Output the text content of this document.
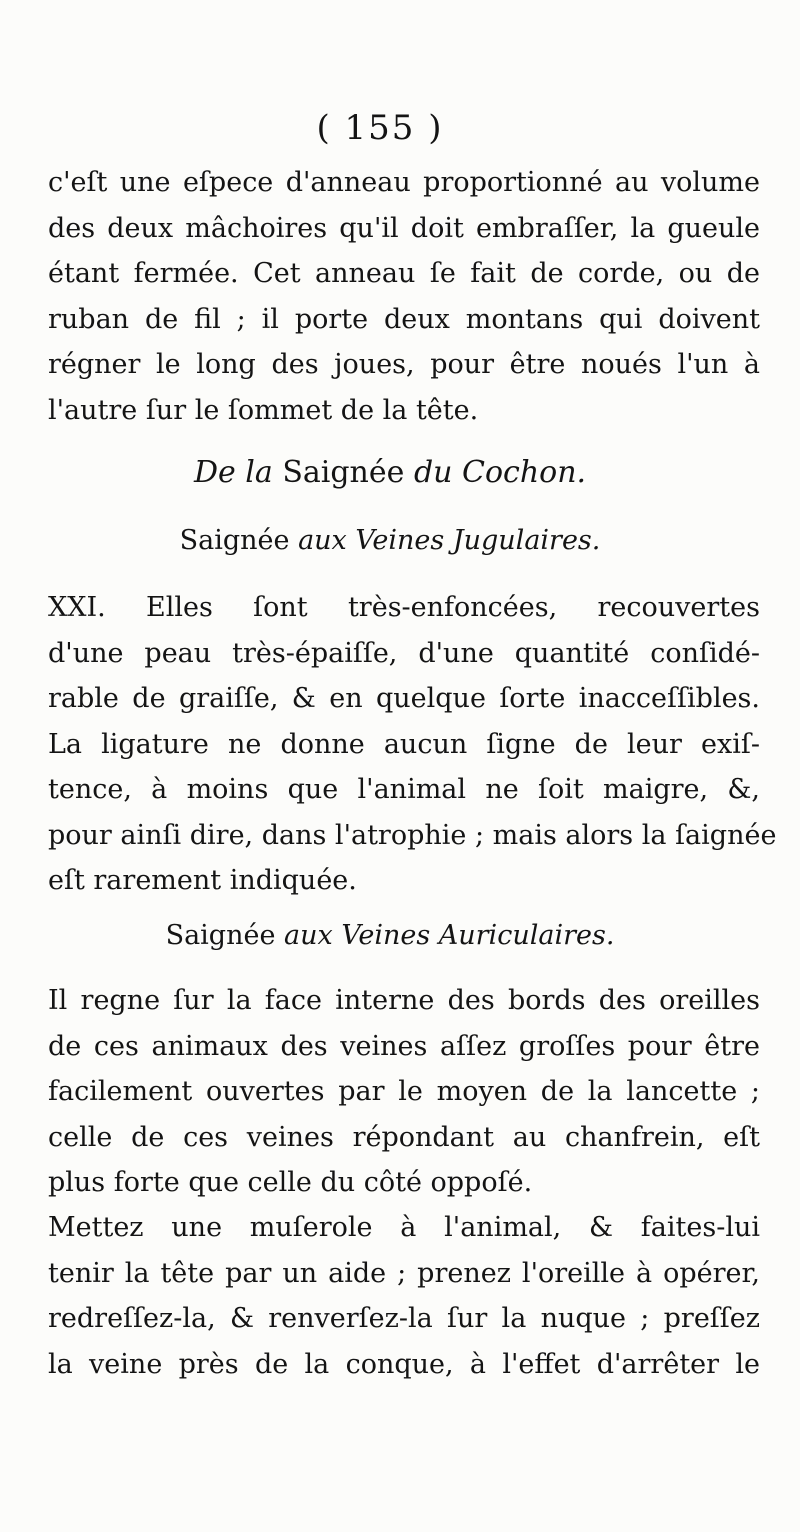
( 155 )
c'eſt une eſpece d'anneau proportionné au volume
des deux mâchoires qu'il doit embraſſer, la gueule
étant fermée. Cet anneau ſe fait de corde, ou de
ruban de fil ; il porte deux montans qui doivent
régner le long des joues, pour être noués l'un à
l'autre ſur le ſommet de la tête.
De la Saignée du Cochon.
Saignée aux Veines Jugulaires.
XXI. Elles ſont très-enfoncées, recouvertes
d'une peau très-épaiſſe, d'une quantité conſidé-
rable de graiſſe, & en quelque ſorte inacceſſibles.
La ligature ne donne aucun ſigne de leur exiſ-
tence, à moins que l'animal ne ſoit maigre, &,
pour ainſi dire, dans l'atrophie ; mais alors la ſaignée
eſt rarement indiquée.
Saignée aux Veines Auriculaires.
Il regne ſur la face interne des bords des oreilles
de ces animaux des veines aſſez groſſes pour être
facilement ouvertes par le moyen de la lancette ;
celle de ces veines répondant au chanfrein, eſt
plus forte que celle du côté oppoſé.
Mettez une muſerole à l'animal, & faites-lui
tenir la tête par un aide ; prenez l'oreille à opérer,
redreſſez-la, & renverſez-la ſur la nuque ; preſſez
la veine près de la conque, à l'effet d'arrêter le
